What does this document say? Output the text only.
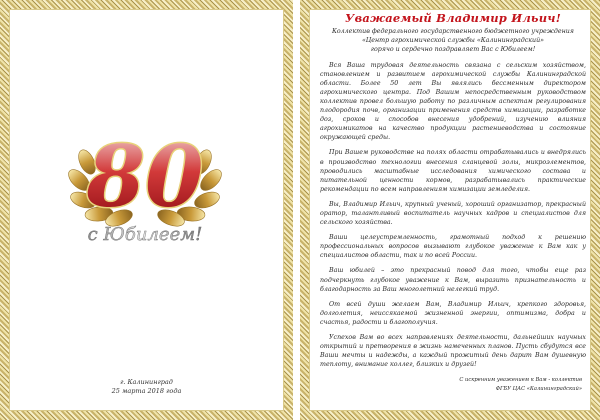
80
с Юбилеем!
г. Калининград
25 марта 2018 года
Уважаемый Владимир Ильич!
Коллектив федерального государственного бюджетного учреждения
«Центр агрохимической службы «Калининградский»
горячо и сердечно поздравляет Вас с Юбилеем!

Вся Ваша трудовая деятельность связана с сельским хозяйством, становлением и развитием агрохимической службы Калининградской области. Более 50 лет Вы являлись бессменным директором агрохимического центра. Под Вашим непосредственным руководством коллектив провел большую работу по различным аспектам регулирования плодородия почв, организации применения средств химизации, разработке доз, сроков и способов внесения удобрений, изучению влияния агрохимикатов на качество продукции растениеводства и состояние окружающей среды.

При Вашем руководстве на полях области отрабатывались и внедрялись в производство технологии внесения сланцевой золы, микроэлементов, проводились масштабные исследования химического состава и питательной ценности кормов, разрабатывались практические рекомендации по всем направлениям химизации земледелия.

Вы, Владимир Ильич, крупный ученый, хороший организатор, прекрасный оратор, талантливый воспитатель научных кадров и специалистов для сельского хозяйства.

Ваши целеустремленность, грамотный подход к решению профессиональных вопросов вызывают глубокое уважение к Вам как у специалистов области, так и по всей России.

Ваш юбилей – это прекрасный повод для того, чтобы еще раз подчеркнуть глубокое уважение к Вам, выразить признательность и благодарность за Ваш многолетний нелегкий труд.

От всей души желаем Вам, Владимир Ильич, крепкого здоровья, долголетия, неиссякаемой жизненной энергии, оптимизма, добра и счастья, радости и благополучия.

Успехов Вам во всех направлениях деятельности, дальнейших научных открытий и претворения в жизнь намеченных планов. Пусть сбудутся все Ваши мечты и надежды, а каждый прожитый день дарит Вам душевную теплоту, внимание коллег, близких и друзей!

С искренним уважением к Вам - коллектив
ФГБУ ЦАС «Калининградский»
